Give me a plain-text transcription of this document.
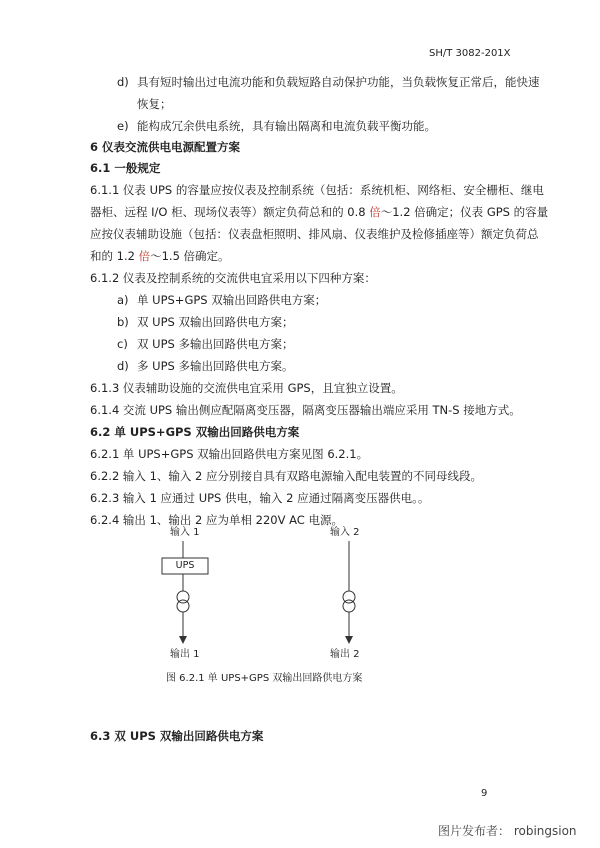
SH/T 3082-201X
d) 具有短时输出过电流功能和负载短路自动保护功能，当负载恢复正常后，能快速
恢复；
e) 能构成冗余供电系统，具有输出隔离和电流负载平衡功能。
6 仪表交流供电电源配置方案
6.1 一般规定
6.1.1 仪表 UPS 的容量应按仪表及控制系统（包括：系统机柜、网络柜、安全栅柜、继电
器柜、远程 I/O 柜、现场仪表等）额定负荷总和的 0.8 倍～1.2 倍确定；仪表 GPS 的容量
应按仪表辅助设施（包括：仪表盘柜照明、排风扇、仪表维护及检修插座等）额定负荷总
和的 1.2 倍～1.5 倍确定。
6.1.2 仪表及控制系统的交流供电宜采用以下四种方案：
a) 单 UPS+GPS 双输出回路供电方案；
b) 双 UPS 双输出回路供电方案；
c) 双 UPS 多输出回路供电方案；
d) 多 UPS 多输出回路供电方案。
6.1.3 仪表辅助设施的交流供电宜采用 GPS，且宜独立设置。
6.1.4 交流 UPS 输出侧应配隔离变压器，隔离变压器输出端应采用 TN-S 接地方式。
6.2 单 UPS+GPS 双输出回路供电方案
6.2.1 单 UPS+GPS 双输出回路供电方案见图 6.2.1。
6.2.2 输入 1、输入 2 应分别接自具有双路电源输入配电装置的不同母线段。
6.2.3 输入 1 应通过 UPS 供电，输入 2 应通过隔离变压器供电。。
6.2.4 输出 1、输出 2 应为单相 220V AC 电源。
输入 1	输入 2
UPS
输出 1	输出 2
图 6.2.1 单 UPS+GPS 双输出回路供电方案
6.3 双 UPS 双输出回路供电方案
9
图片发布者： robingsion
